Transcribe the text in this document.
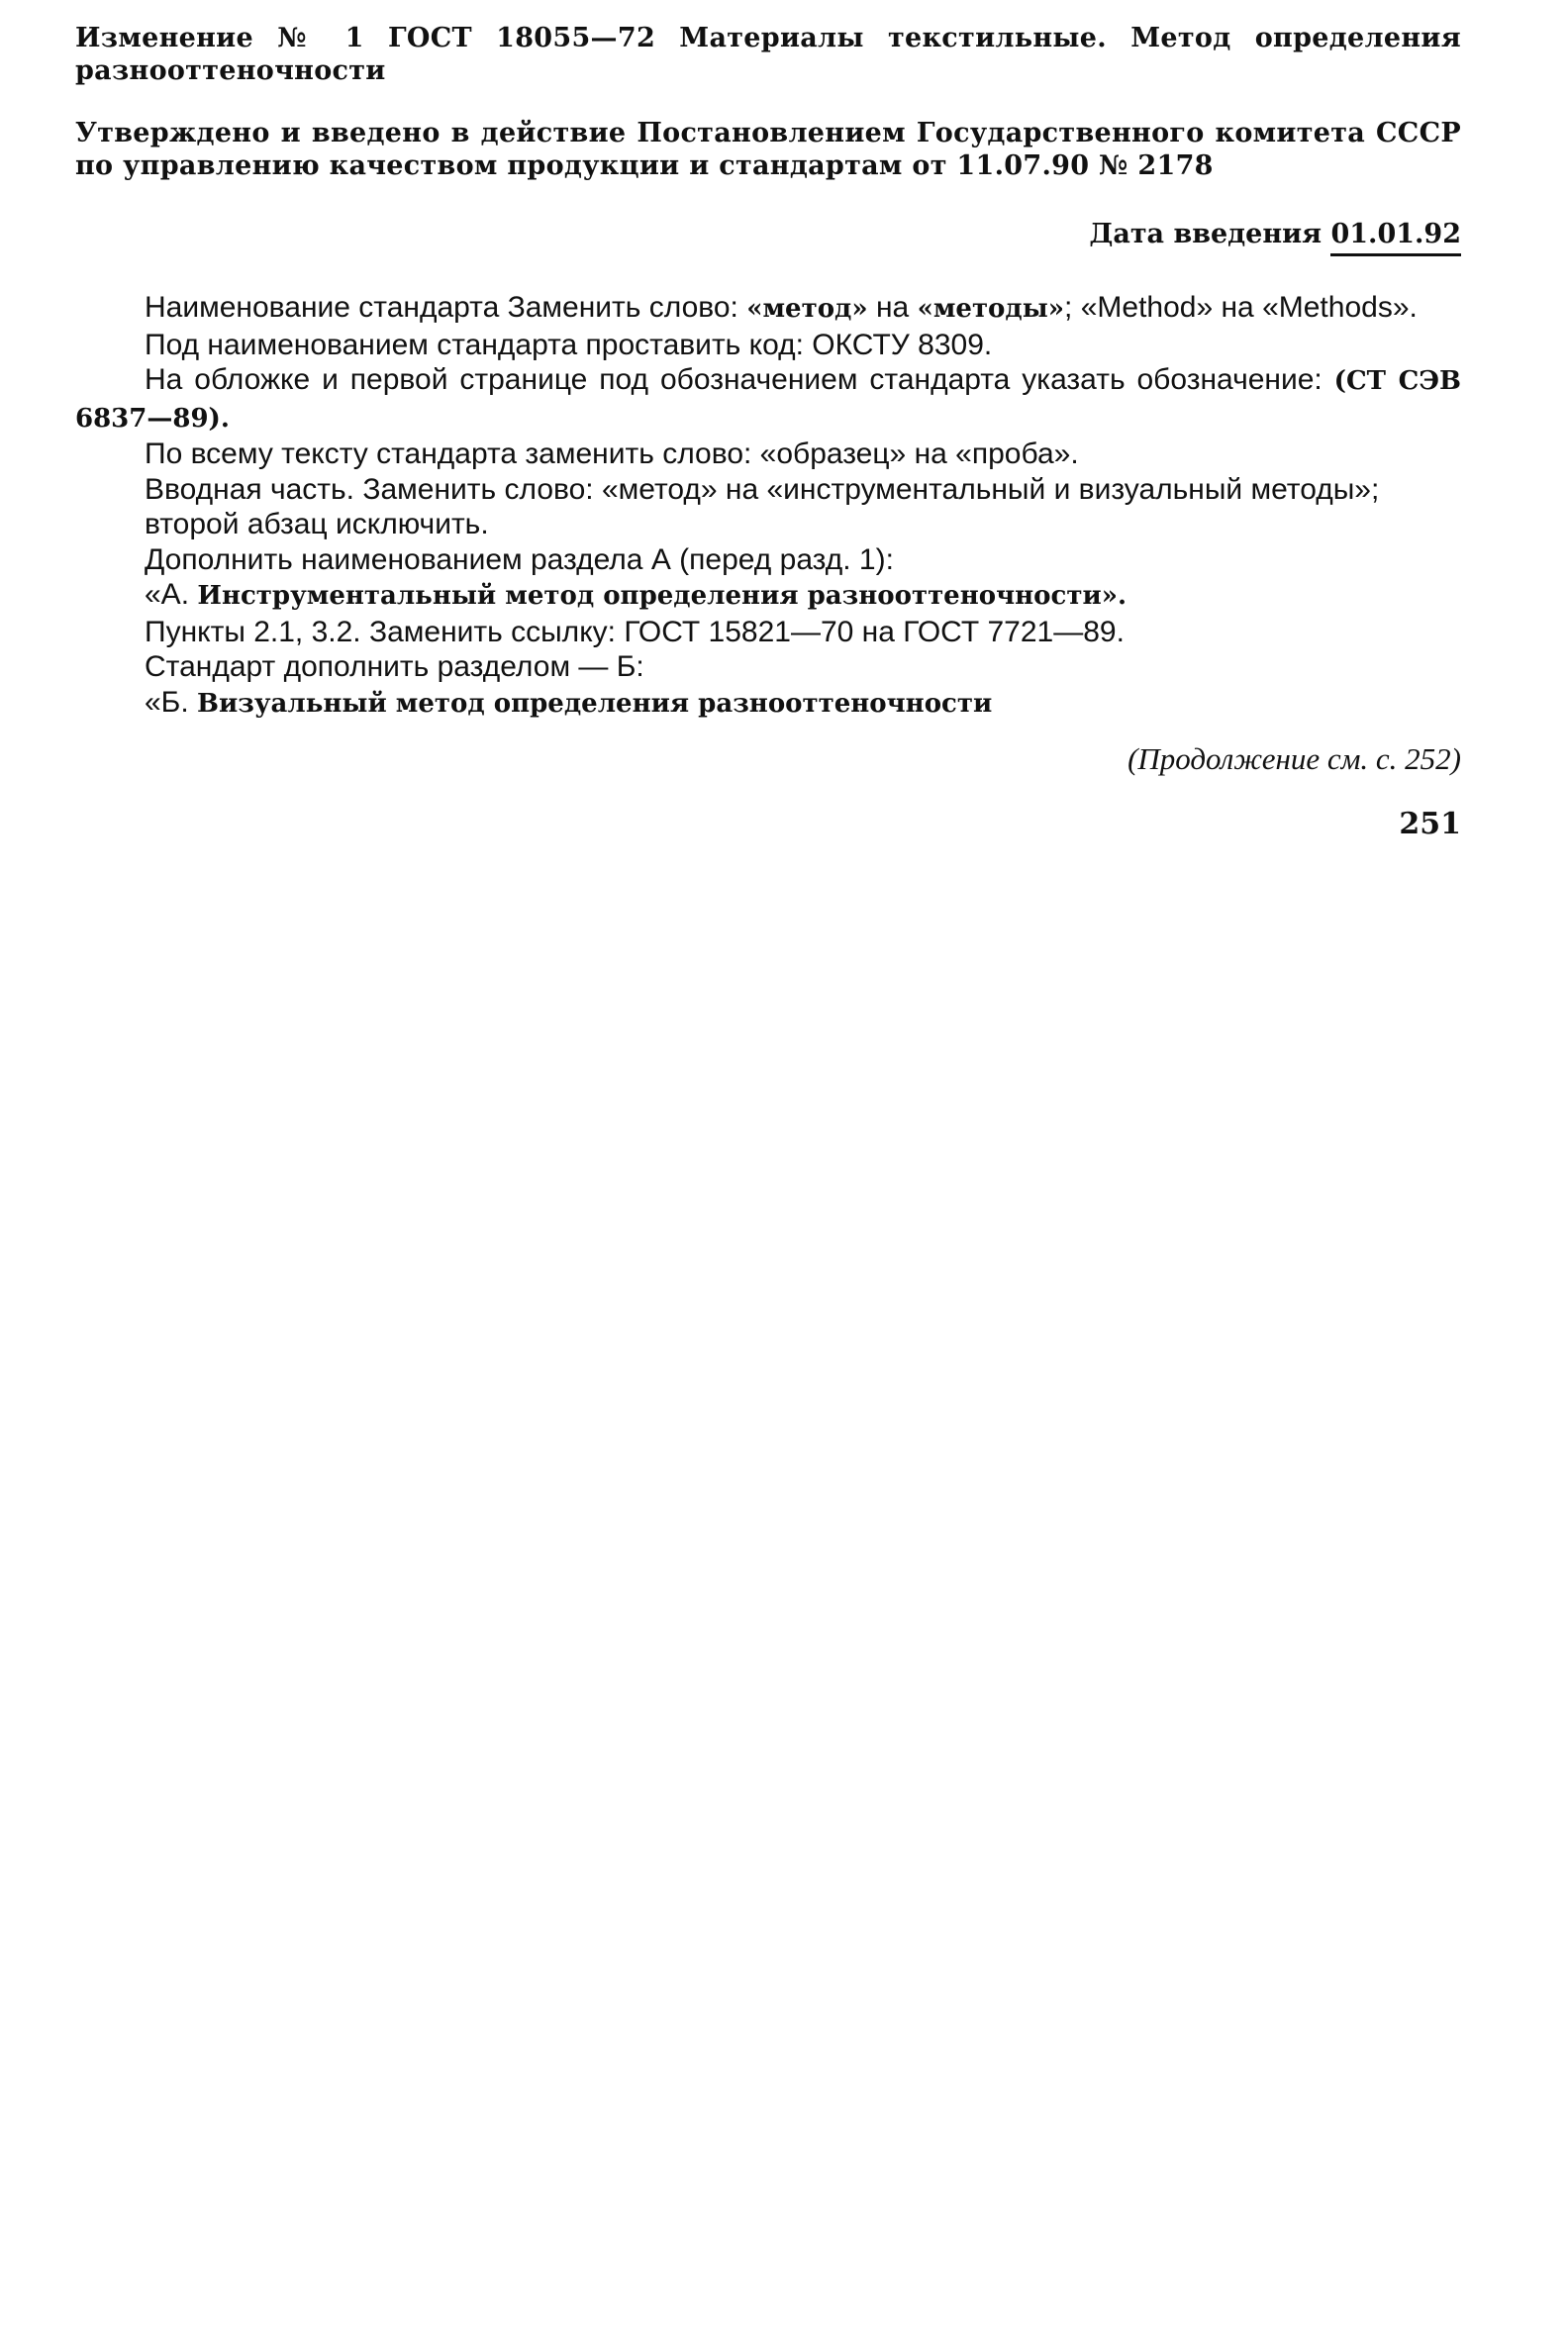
Изменение № 1 ГОСТ 18055—72 Материалы текстильные. Метод определения разнооттеночности

Утверждено и введено в действие Постановлением Государственного комитета СССР по управлению качеством продукции и стандартам от 11.07.90 № 2178

Дата введения 01.01.92

Наименование стандарта Заменить слово: «метод» на «методы»; «Method» на «Methods».

Под наименованием стандарта проставить код: ОКСТУ 8309.

На обложке и первой странице под обозначением стандарта указать обозначение: (СТ СЭВ 6837—89).

По всему тексту стандарта заменить слово: «образец» на «проба».

Вводная часть. Заменить слово: «метод» на «инструментальный и визуальный методы»;

второй абзац исключить.

Дополнить наименованием раздела А (перед разд. 1):

«А. Инструментальный метод определения разнооттеночности».

Пункты 2.1, 3.2. Заменить ссылку: ГОСТ 15821—70 на ГОСТ 7721—89.

Стандарт дополнить разделом — Б:

«Б. Визуальный метод определения разнооттеночности

(Продолжение см. с. 252)
251
